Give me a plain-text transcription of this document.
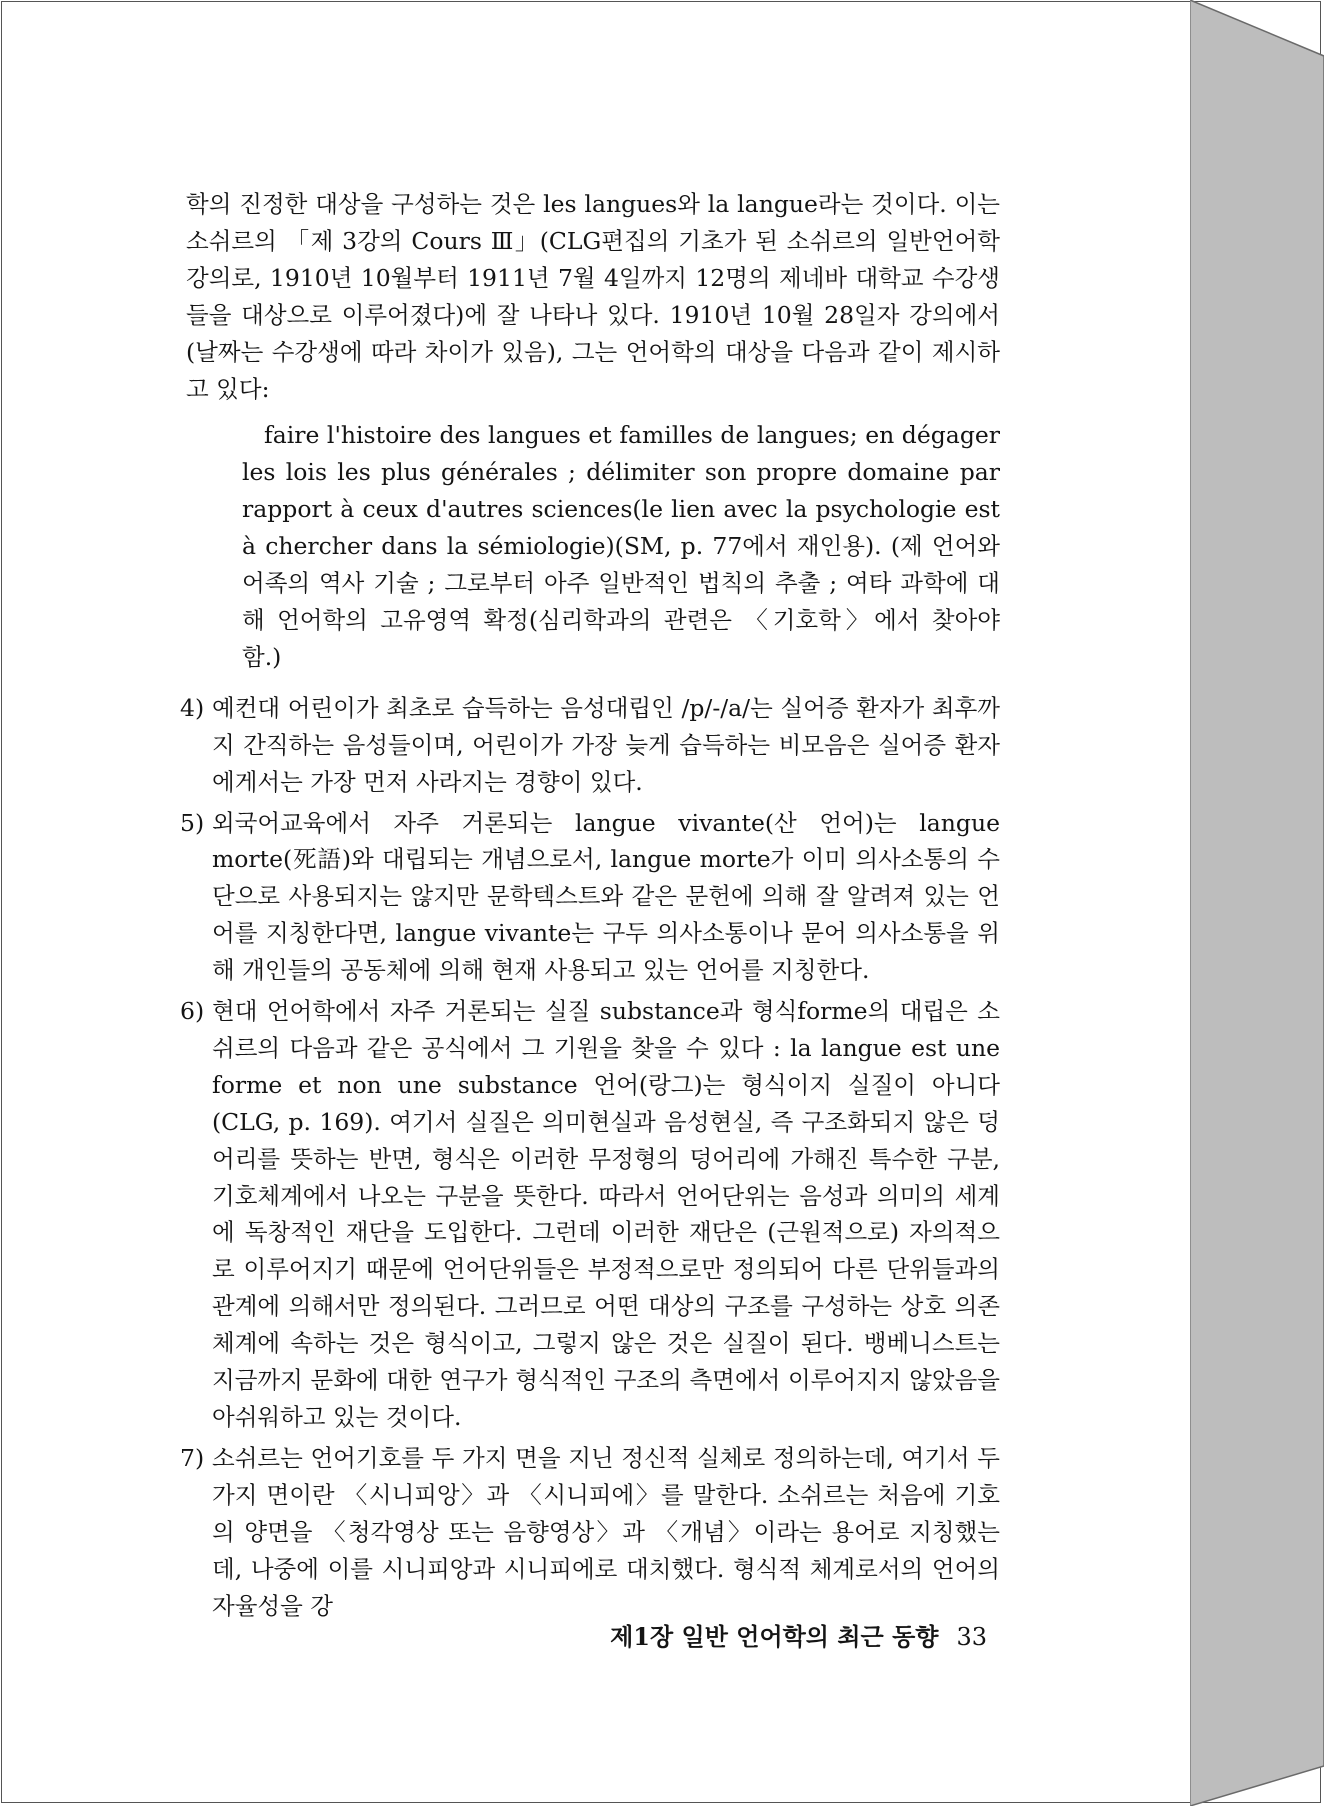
학의 진정한 대상을 구성하는 것은 les langues와 la langue라는 것이다. 이는 소쉬르의 「제 3강의 Cours Ⅲ」(CLG편집의 기초가 된 소쉬르의 일반언어학 강의로, 1910년 10월부터 1911년 7월 4일까지 12명의 제네바 대학교 수강생들을 대상으로 이루어졌다)에 잘 나타나 있다. 1910년 10월 28일자 강의에서(날짜는 수강생에 따라 차이가 있음), 그는 언어학의 대상을 다음과 같이 제시하고 있다:

faire l'histoire des langues et familles de langues; en dégager les lois les plus générales ; délimiter son propre domaine par rapport à ceux d'autres sciences(le lien avec la psychologie est à chercher dans la sémiologie)(SM, p. 77에서 재인용). (제 언어와 어족의 역사 기술 ; 그로부터 아주 일반적인 법칙의 추출 ; 여타 과학에 대해 언어학의 고유영역 확정(심리학과의 관련은 〈기호학〉에서 찾아야 함.)

4) 예컨대 어린이가 최초로 습득하는 음성대립인 /p/-/a/는 실어증 환자가 최후까지 간직하는 음성들이며, 어린이가 가장 늦게 습득하는 비모음은 실어증 환자에게서는 가장 먼저 사라지는 경향이 있다.

5) 외국어교육에서 자주 거론되는 langue vivante(산 언어)는 langue morte(死語)와 대립되는 개념으로서, langue morte가 이미 의사소통의 수단으로 사용되지는 않지만 문학텍스트와 같은 문헌에 의해 잘 알려져 있는 언어를 지칭한다면, langue vivante는 구두 의사소통이나 문어 의사소통을 위해 개인들의 공동체에 의해 현재 사용되고 있는 언어를 지칭한다.

6) 현대 언어학에서 자주 거론되는 실질 substance과 형식forme의 대립은 소쉬르의 다음과 같은 공식에서 그 기원을 찾을 수 있다 : la langue est une forme et non une substance 언어(랑그)는 형식이지 실질이 아니다(CLG, p. 169). 여기서 실질은 의미현실과 음성현실, 즉 구조화되지 않은 덩어리를 뜻하는 반면, 형식은 이러한 무정형의 덩어리에 가해진 특수한 구분, 기호체계에서 나오는 구분을 뜻한다. 따라서 언어단위는 음성과 의미의 세계에 독창적인 재단을 도입한다. 그런데 이러한 재단은 (근원적으로) 자의적으로 이루어지기 때문에 언어단위들은 부정적으로만 정의되어 다른 단위들과의 관계에 의해서만 정의된다. 그러므로 어떤 대상의 구조를 구성하는 상호 의존체계에 속하는 것은 형식이고, 그렇지 않은 것은 실질이 된다. 뱅베니스트는 지금까지 문화에 대한 연구가 형식적인 구조의 측면에서 이루어지지 않았음을 아쉬워하고 있는 것이다.

7) 소쉬르는 언어기호를 두 가지 면을 지닌 정신적 실체로 정의하는데, 여기서 두 가지 면이란 〈시니피앙〉과 〈시니피에〉를 말한다. 소쉬르는 처음에 기호의 양면을 〈청각영상 또는 음향영상〉과 〈개념〉이라는 용어로 지칭했는데, 나중에 이를 시니피앙과 시니피에로 대치했다. 형식적 체계로서의 언어의 자율성을 강

제1장 일반 언어학의 최근 동향 33
